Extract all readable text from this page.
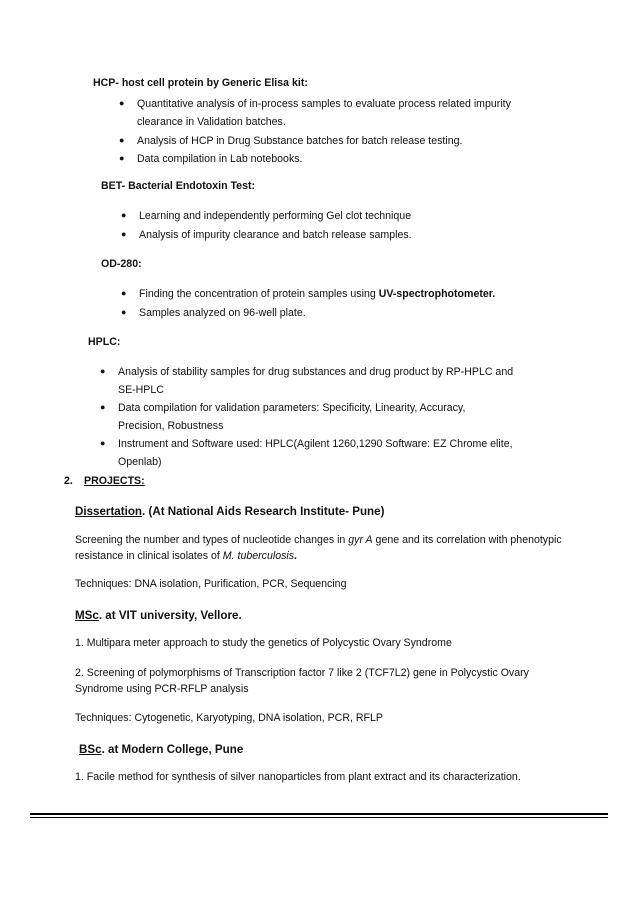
HCP- host cell protein by Generic Elisa kit:
● Quantitative analysis of in-process samples to evaluate process related impurity
clearance in Validation batches.
● Analysis of HCP in Drug Substance batches for batch release testing.
● Data compilation in Lab notebooks.
BET- Bacterial Endotoxin Test:
● Learning and independently performing Gel clot technique
● Analysis of impurity clearance and batch release samples.
OD-280:
● Finding the concentration of protein samples using UV-spectrophotometer.
● Samples analyzed on 96-well plate.
HPLC:
● Analysis of stability samples for drug substances and drug product by RP-HPLC and
SE-HPLC
● Data compilation for validation parameters: Specificity, Linearity, Accuracy,
Precision, Robustness
● Instrument and Software used: HPLC(Agilent 1260,1290 Software: EZ Chrome elite,
Openlab)
2. PROJECTS:
Dissertation. (At National Aids Research Institute- Pune)
Screening the number and types of nucleotide changes in gyr A gene and its correlation with phenotypic resistance in clinical isolates of M. tuberculosis.
Techniques: DNA isolation, Purification, PCR, Sequencing
MSc. at VIT university, Vellore.
1. Multipara meter approach to study the genetics of Polycystic Ovary Syndrome
2. Screening of polymorphisms of Transcription factor 7 like 2 (TCF7L2) gene in Polycystic Ovary Syndrome using PCR-RFLP analysis
Techniques: Cytogenetic, Karyotyping, DNA isolation, PCR, RFLP
BSc. at Modern College, Pune
1. Facile method for synthesis of silver nanoparticles from plant extract and its characterization.
